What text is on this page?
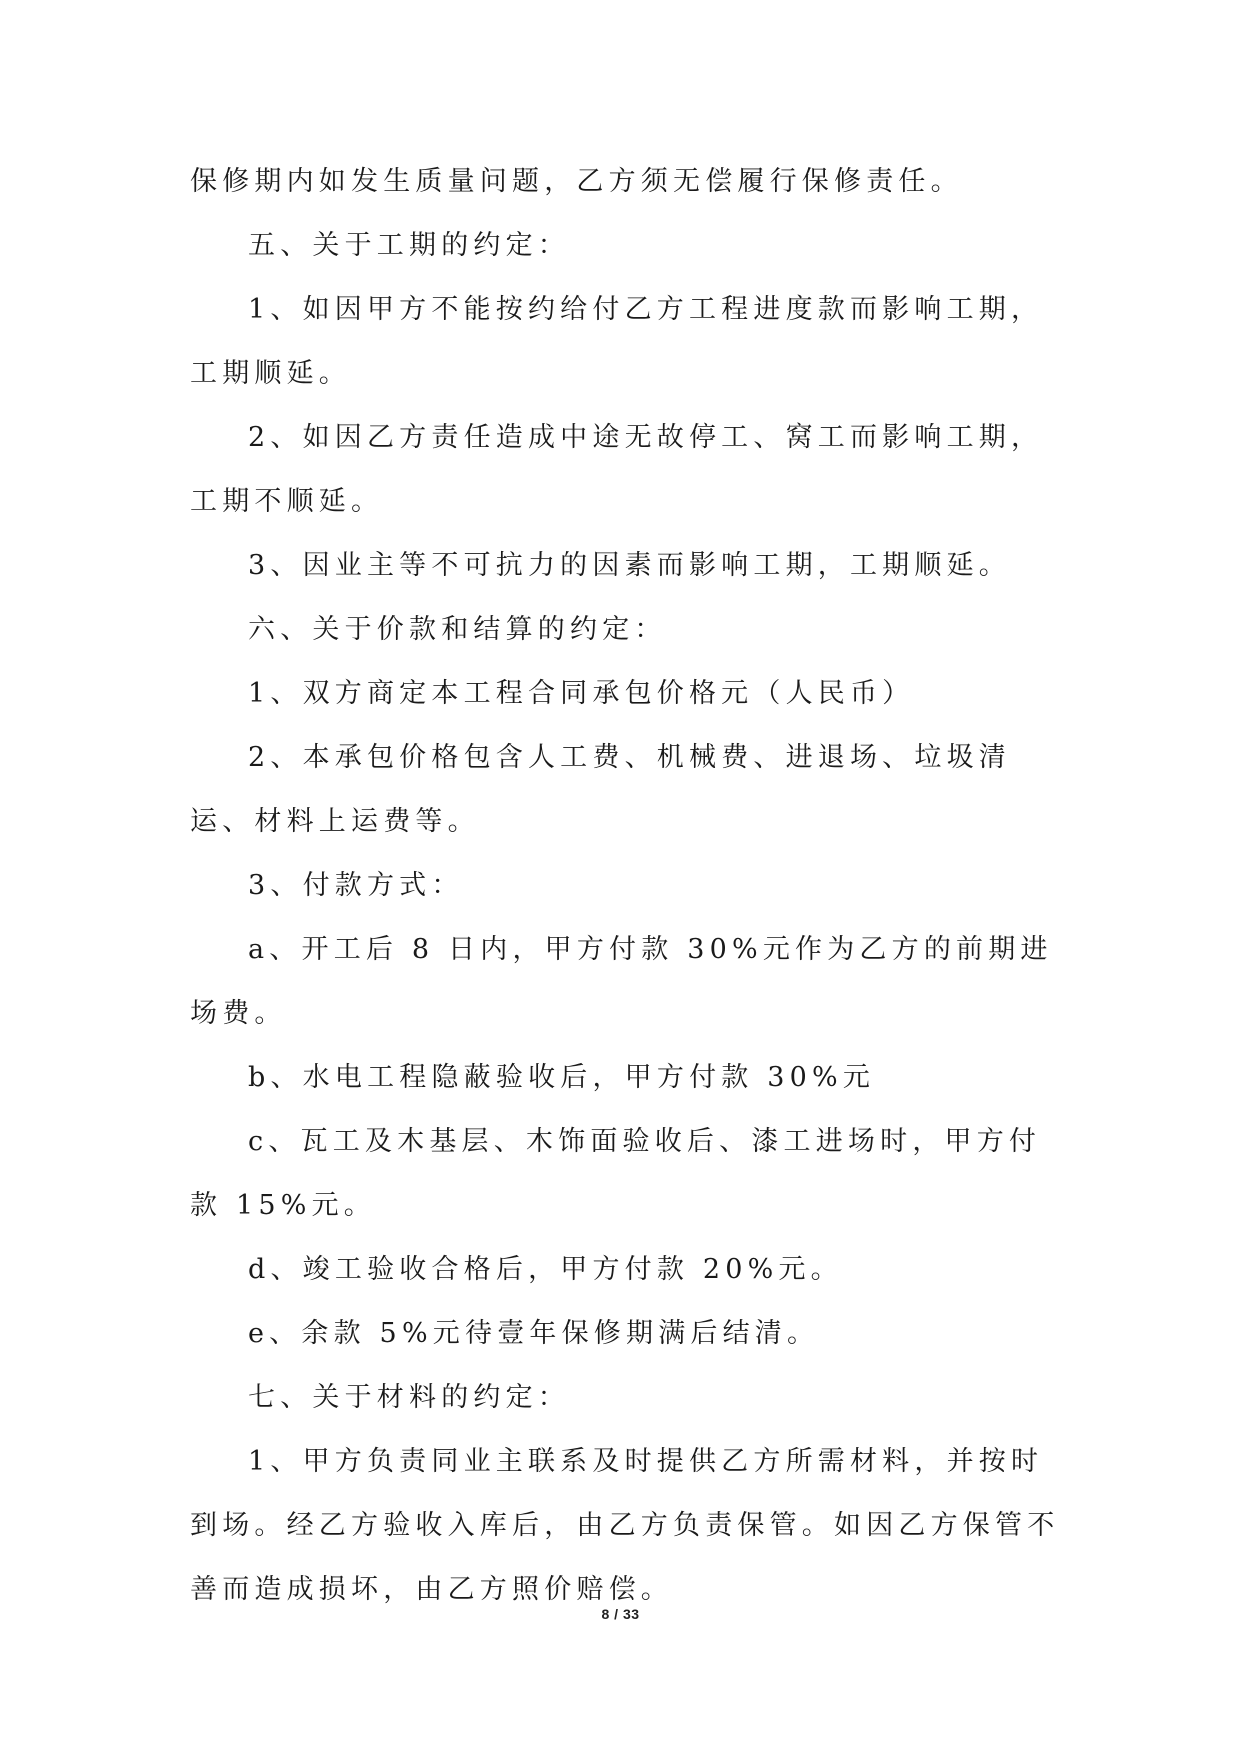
保修期内如发生质量问题，乙方须无偿履行保修责任。

五、关于工期的约定：

1、如因甲方不能按约给付乙方工程进度款而影响工期，工期顺延。

2、如因乙方责任造成中途无故停工、窝工而影响工期，工期不顺延。

3、因业主等不可抗力的因素而影响工期，工期顺延。

六、关于价款和结算的约定：

1、双方商定本工程合同承包价格元（人民币）

2、本承包价格包含人工费、机械费、进退场、垃圾清运、材料上运费等。

3、付款方式：

a、开工后 8 日内，甲方付款 30%元作为乙方的前期进场费。

b、水电工程隐蔽验收后，甲方付款 30%元

c、瓦工及木基层、木饰面验收后、漆工进场时，甲方付款 15%元。

d、竣工验收合格后，甲方付款 20%元。

e、余款 5%元待壹年保修期满后结清。

七、关于材料的约定：

1、甲方负责同业主联系及时提供乙方所需材料，并按时到场。经乙方验收入库后，由乙方负责保管。如因乙方保管不善而造成损坏，由乙方照价赔偿。

8 / 33
